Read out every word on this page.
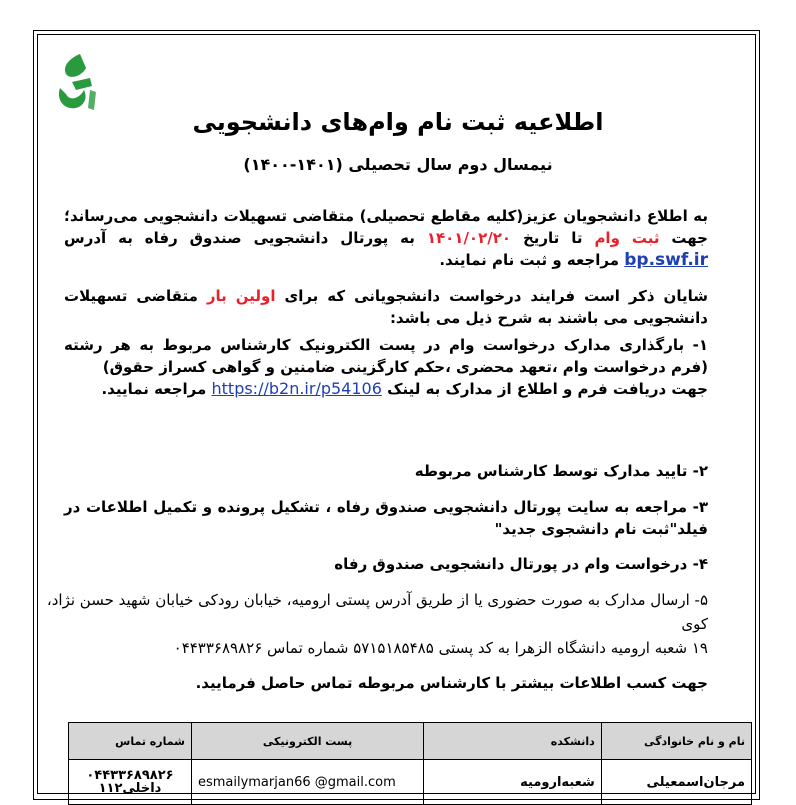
اطلاعیه ثبت نام وام‌های دانشجویی
نیمسال دوم سال تحصیلی (۱۴۰۱-۱۴۰۰)
به اطلاع دانشجویان عزیز(کلیه مقاطع تحصیلی) متقاضی تسهیلات دانشجویی می‌رساند؛ جهت ثبت وام تا تاریخ ۱۴۰۱/۰۲/۲۰ به پورتال دانشجویی صندوق رفاه به آدرس bp.swf.ir مراجعه و ثبت نام نمایند.
شایان ذکر است فرایند درخواست دانشجویانی که برای اولین بار متقاضی تسهیلات دانشجویی می باشند به شرح ذیل می باشد:
۱- بارگذاری مدارک درخواست وام در پست الکترونیک کارشناس مربوط به هر رشته (فرم درخواست وام ،تعهد محضری ،حکم کارگزینی ضامنین و گواهی کسراز حقوق)
جهت دریافت فرم و اطلاع از مدارک به لینک https://b2n.ir/p54106 مراجعه نمایید.
۲- تایید مدارک توسط کارشناس مربوطه
۳- مراجعه به سایت پورتال دانشجویی صندوق رفاه ، تشکیل پرونده و تکمیل اطلاعات در فیلد"ثبت نام دانشجوی جدید"
۴- درخواست وام در پورتال دانشجویی صندوق رفاه
۵- ارسال مدارک به صورت حضوری یا از طریق آدرس پستی ارومیه، خیابان رودکی خیابان شهید حسن نژاد، کوی
۱۹ شعبه ارومیه دانشگاه الزهرا به کد پستی ۵۷۱۵۱۸۵۴۸۵ شماره تماس ۰۴۴۳۳۶۸۹۸۲۶
جهت کسب اطلاعات بیشتر با کارشناس مربوطه تماس حاصل فرمایید.
نام و نام خانوادگی	دانشکده	پست الکترونیکی	شماره تماس
مرجان‌اسمعیلی	شعبه‌ارومیه	esmailymarjan66 @gmail.com	۰۴۴۳۳۶۸۹۸۲۶
داخلی۱۱۲
